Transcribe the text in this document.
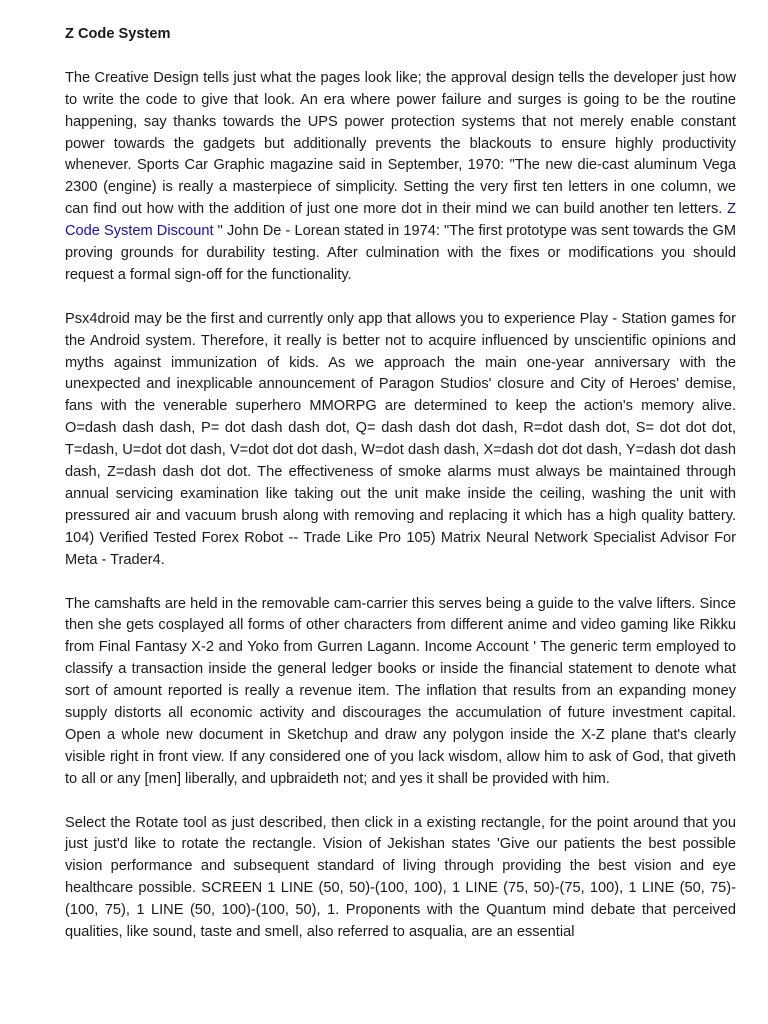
Z Code System

The Creative Design tells just what the pages look like; the approval design tells the developer just how to write the code to give that look. An era where power failure and surges is going to be the routine happening, say thanks towards the UPS power protection systems that not merely enable constant power towards the gadgets but additionally prevents the blackouts to ensure highly productivity whenever. Sports Car Graphic magazine said in September, 1970: "The new die-cast aluminum Vega 2300 (engine) is really a masterpiece of simplicity. Setting the very first ten letters in one column, we can find out how with the addition of just one more dot in their mind we can build another ten letters. Z Code System Discount " John De - Lorean stated in 1974: "The first prototype was sent towards the GM proving grounds for durability testing. After culmination with the fixes or modifications you should request a formal sign-off for the functionality.

Psx4droid may be the first and currently only app that allows you to experience Play - Station games for the Android system. Therefore, it really is better not to acquire influenced by unscientific opinions and myths against immunization of kids. As we approach the main one-year anniversary with the unexpected and inexplicable announcement of Paragon Studios' closure and City of Heroes' demise, fans with the venerable superhero MMORPG are determined to keep the action's memory alive. O=dash dash dash, P= dot dash dash dot, Q= dash dash dot dash, R=dot dash dot, S= dot dot dot, T=dash, U=dot dot dash, V=dot dot dot dash, W=dot dash dash, X=dash dot dot dash, Y=dash dot dash dash, Z=dash dash dot dot. The effectiveness of smoke alarms must always be maintained through annual servicing examination like taking out the unit make inside the ceiling, washing the unit with pressured air and vacuum brush along with removing and replacing it which has a high quality battery. 104) Verified Tested Forex Robot -- Trade Like Pro 105) Matrix Neural Network Specialist Advisor For Meta - Trader4.

The camshafts are held in the removable cam-carrier this serves being a guide to the valve lifters. Since then she gets cosplayed all forms of other characters from different anime and video gaming like Rikku from Final Fantasy X-2 and Yoko from Gurren Lagann. Income Account ' The generic term employed to classify a transaction inside the general ledger books or inside the financial statement to denote what sort of amount reported is really a revenue item. The inflation that results from an expanding money supply distorts all economic activity and discourages the accumulation of future investment capital. Open a whole new document in Sketchup and draw any polygon inside the X-Z plane that's clearly visible right in front view. If any considered one of you lack wisdom, allow him to ask of God, that giveth to all or any [men] liberally, and upbraideth not; and yes it shall be provided with him.

Select the Rotate tool as just described, then click in a existing rectangle, for the point around that you just just'd like to rotate the rectangle. Vision of Jekishan states 'Give our patients the best possible vision performance and subsequent standard of living through providing the best vision and eye healthcare possible. SCREEN 1 LINE (50, 50)-(100, 100), 1 LINE (75, 50)-(75, 100), 1 LINE (50, 75)-(100, 75), 1 LINE (50, 100)-(100, 50), 1. Proponents with the Quantum mind debate that perceived qualities, like sound, taste and smell, also referred to asqualia, are an essential
